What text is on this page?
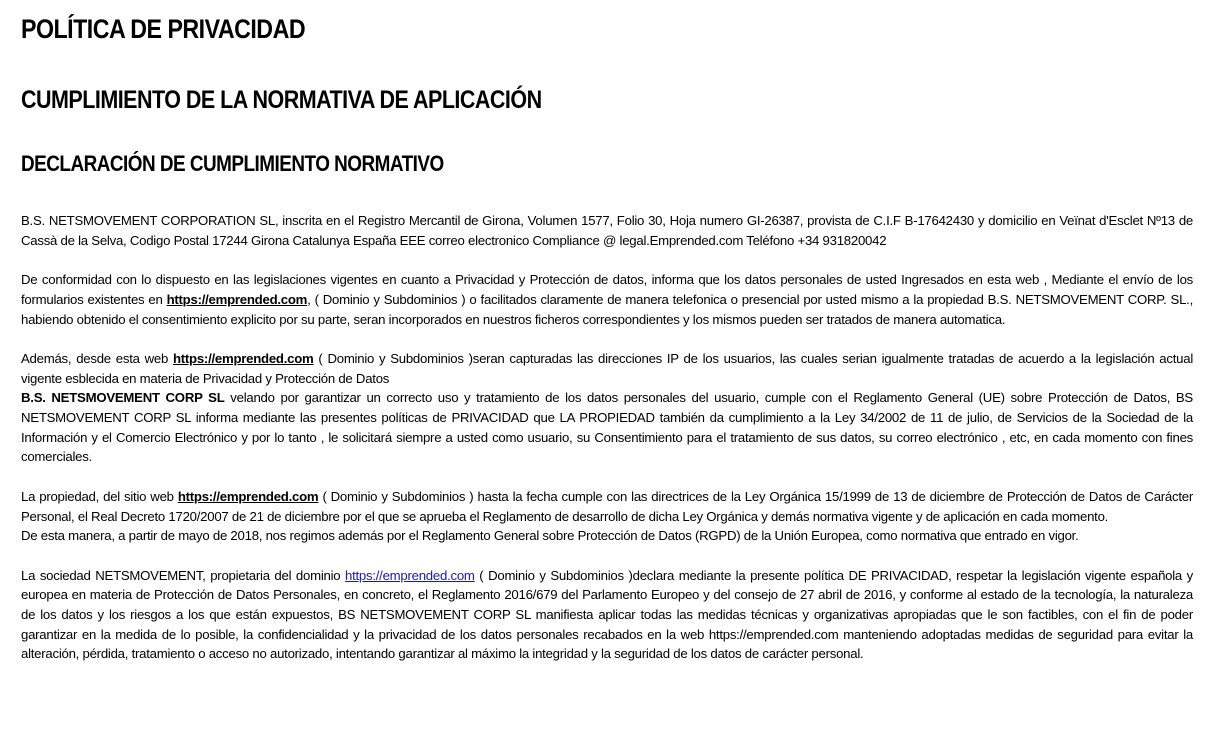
POLÍTICA DE PRIVACIDAD
CUMPLIMIENTO DE LA NORMATIVA DE APLICACIÓN
DECLARACIÓN DE CUMPLIMIENTO NORMATIVO

B.S. NETSMOVEMENT CORPORATION SL, inscrita en el Registro Mercantil de Girona, Volumen 1577, Folio 30, Hoja numero GI-26387, provista de C.I.F B-17642430 y domicilio en Veïnat d'Esclet Nº13 de Cassà de la Selva, Codigo Postal 17244 Girona Catalunya España EEE correo electronico Compliance @ legal.Emprended.com Teléfono +34 931820042

De conformidad con lo dispuesto en las legislaciones vigentes en cuanto a Privacidad y Protección de datos, informa que los datos personales de usted Ingresados en esta web , Mediante el envío de los formularios existentes en https://emprended.com, ( Dominio y Subdominios ) o facilitados claramente de manera telefonica o presencial por usted mismo a la propiedad B.S. NETSMOVEMENT CORP. SL., habiendo obtenido el consentimiento explicito por su parte, seran incorporados en nuestros ficheros correspondientes y los mismos pueden ser tratados de manera automatica.

Además, desde esta web https://emprended.com ( Dominio y Subdominios )seran capturadas las direcciones IP de los usuarios, las cuales serian igualmente tratadas de acuerdo a la legislación actual vigente esblecida en materia de Privacidad y Protección de Datos

B.S. NETSMOVEMENT CORP SL velando por garantizar un correcto uso y tratamiento de los datos personales del usuario, cumple con el Reglamento General (UE) sobre Protección de Datos, BS NETSMOVEMENT CORP SL informa mediante las presentes políticas de PRIVACIDAD que LA PROPIEDAD también da cumplimiento a la Ley 34/2002 de 11 de julio, de Servicios de la Sociedad de la Información y el Comercio Electrónico y por lo tanto , le solicitará siempre a usted como usuario, su Consentimiento para el tratamiento de sus datos, su correo electrónico , etc, en cada momento con fines comerciales.

La propiedad, del sitio web https://emprended.com ( Dominio y Subdominios ) hasta la fecha cumple con las directrices de la Ley Orgánica 15/1999 de 13 de diciembre de Protección de Datos de Carácter Personal, el Real Decreto 1720/2007 de 21 de diciembre por el que se aprueba el Reglamento de desarrollo de dicha Ley Orgánica y demás normativa vigente y de aplicación en cada momento.

De esta manera, a partir de mayo de 2018, nos regimos además por el Reglamento General sobre Protección de Datos (RGPD) de la Unión Europea, como normativa que entrado en vigor.

La sociedad NETSMOVEMENT, propietaria del dominio https://emprended.com ( Dominio y Subdominios )declara mediante la presente política DE PRIVACIDAD, respetar la legislación vigente española y europea en materia de Protección de Datos Personales, en concreto, el Reglamento 2016/679 del Parlamento Europeo y del consejo de 27 abril de 2016, y conforme al estado de la tecnología, la naturaleza de los datos y los riesgos a los que están expuestos, BS NETSMOVEMENT CORP SL manifiesta aplicar todas las medidas técnicas y organizativas apropiadas que le son factibles, con el fin de poder garantizar en la medida de lo posible, la confidencialidad y la privacidad de los datos personales recabados en la web https://emprended.com manteniendo adoptadas medidas de seguridad para evitar la alteración, pérdida, tratamiento o acceso no autorizado, intentando garantizar al máximo la integridad y la seguridad de los datos de carácter personal.
